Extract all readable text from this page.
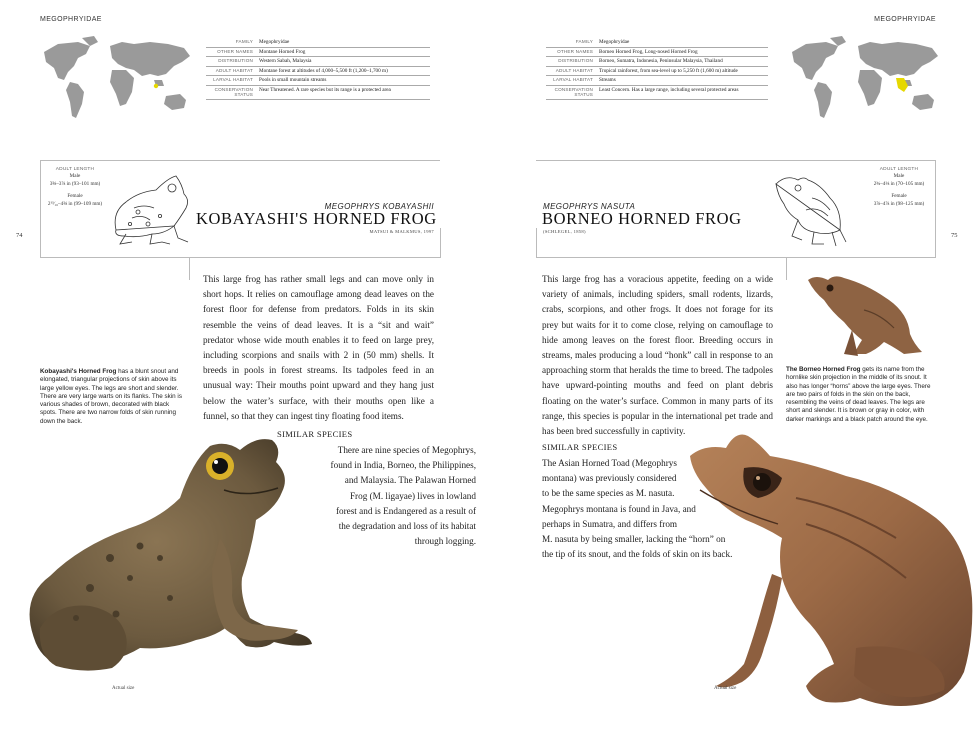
MEGOPHRYIDAE	MEGOPHRYIDAE
FAMILY	Megophryidae
OTHER NAMES	Montane Horned Frog
DISTRIBUTION	Western Sabah, Malaysia
ADULT HABITAT	Montane forest at altitudes of 4,000–5,500 ft (1,200–1,700 m)
LARVAL HABITAT	Pools in small mountain streams
CONSERVATION STATUS	Near Threatened. A rare species but its range is a protected area
FAMILY	Megophryidae
OTHER NAMES	Borneo Horned Frog, Long-nosed Horned Frog
DISTRIBUTION	Borneo, Sumatra, Indonesia, Peninsular Malaysia, Thailand
ADULT HABITAT	Tropical rainforest, from sea-level up to 5,250 ft (1,600 m) altitude
LARVAL HABITAT	Streams
CONSERVATION STATUS	Least Concern. Has a large range, including several protected areas
ADULT LENGTH
Male
3⅝–3⅞ in (93–101 mm)
Female
2¹³⁄₁₆–4⅜ in (99–109 mm)
ADULT LENGTH
Male
2¾–4⅛ in (70–105 mm)
Female
3⅞–4⅞ in (98–125 mm)
MEGOPHRYS KOBAYASHII
KOBAYASHI'S HORNED FROG
MATSUI & MALKMUS, 1997
MEGOPHRYS NASUTA
BORNEO HORNED FROG
(SCHLEGEL, 1858)
74	75

This large frog has rather small legs and can move only in short hops. It relies on camouflage among dead leaves on the forest floor for defense from predators. Folds in its skin resemble the veins of dead leaves. It is a “sit and wait” predator whose wide mouth enables it to feed on large prey, including scorpions and snails with 2 in (50 mm) shells. It breeds in pools in forest streams. Its tadpoles feed in an unusual way: Their mouths point upward and they hang just below the water’s surface, with their mouths open like a funnel, so that they can ingest tiny floating food items.

This large frog has a voracious appetite, feeding on a wide variety of animals, including spiders, small rodents, lizards, crabs, scorpions, and other frogs. It does not forage for its prey but waits for it to come close, relying on camouflage to hide among leaves on the forest floor. Breeding occurs in streams, males producing a loud “honk” call in response to an approaching storm that heralds the time to breed. The tadpoles have upward-pointing mouths and feed on plant debris floating on the water’s surface. Common in many parts of its range, this species is popular in the international pet trade and has been bred successfully in captivity.

SIMILAR SPECIES
There are nine species of Megophrys,
found in India, Borneo, the Philippines,
and Malaysia. The Palawan Horned
Frog (M. ligayae) lives in lowland
forest and is Endangered as a result of
the degradation and loss of its habitat
through logging.
SIMILAR SPECIES
The Asian Horned Toad (Megophrys
montana) was previously considered
to be the same species as M. nasuta.
Megophrys montana is found in Java, and
perhaps in Sumatra, and differs from
M. nasuta by being smaller, lacking the “horn” on
the tip of its snout, and the folds of skin on its back.
Kobayashi's Horned Frog has a blunt snout and elongated, triangular projections of skin above its large yellow eyes. The legs are short and slender. There are very large warts on its flanks. The skin is various shades of brown, decorated with black spots. There are two narrow folds of skin running down the back.
The Borneo Horned Frog gets its name from the hornlike skin projection in the middle of its snout. It also has longer “horns” above the large eyes. There are two pairs of folds in the skin on the back, resembling the veins of dead leaves. The legs are short and slender. It is brown or gray in color, with darker markings and a black patch around the eye.
Actual size	Actual size
